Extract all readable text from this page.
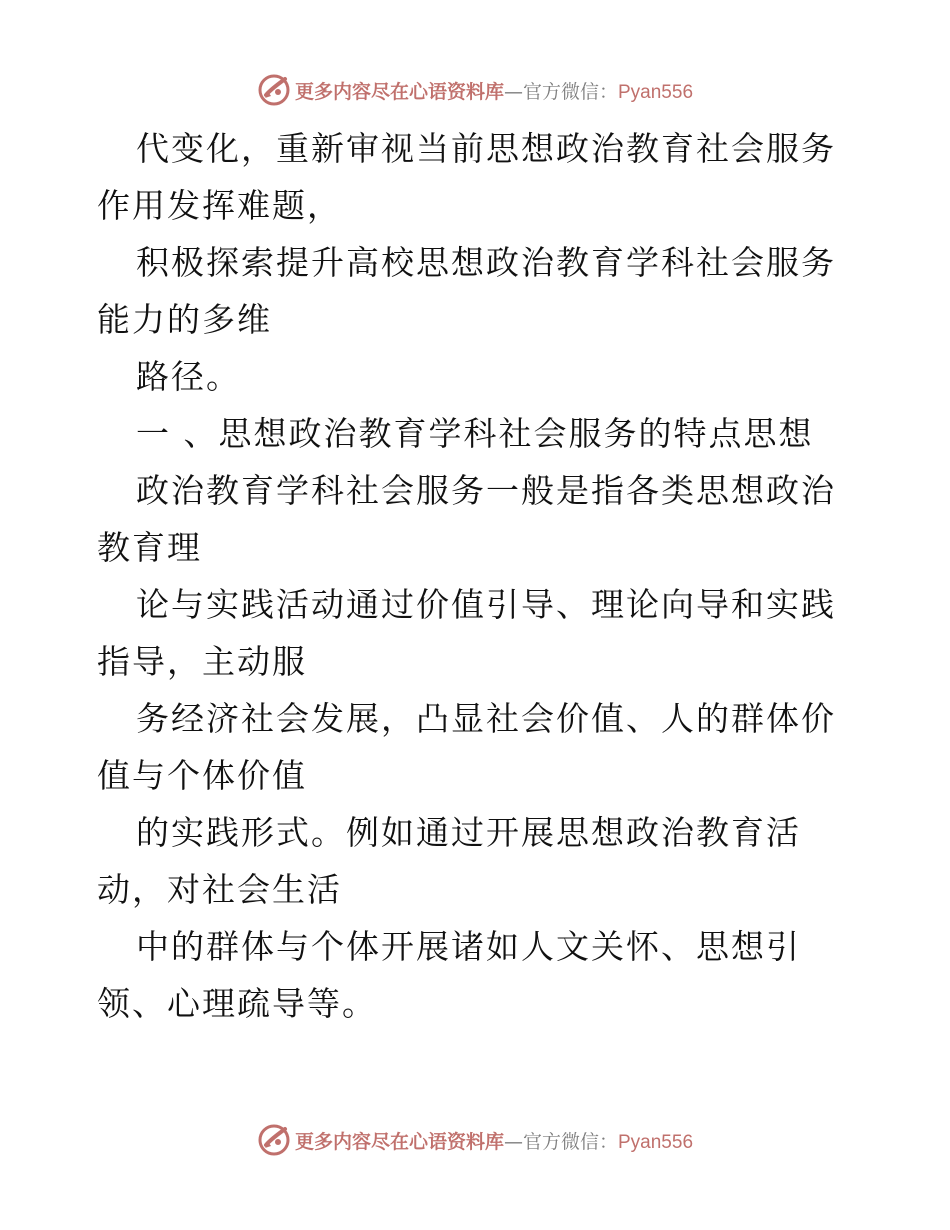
更多内容尽在心语资料库 — 官方微信： Pyan556

代变化，重新审视当前思想政治教育社会服务作用发挥难题，

积极探索提升高校思想政治教育学科社会服务能力的多维

路径。

一 、思想政治教育学科社会服务的特点思想

政治教育学科社会服务一般是指各类思想政治教育理

论与实践活动通过价值引导、理论向导和实践指导，主动服

务经济社会发展，凸显社会价值、人的群体价值与个体价值

的实践形式。例如通过开展思想政治教育活动，对社会生活

中的群体与个体开展诸如人文关怀、思想引领、心理疏导等。

更多内容尽在心语资料库 — 官方微信： Pyan556
